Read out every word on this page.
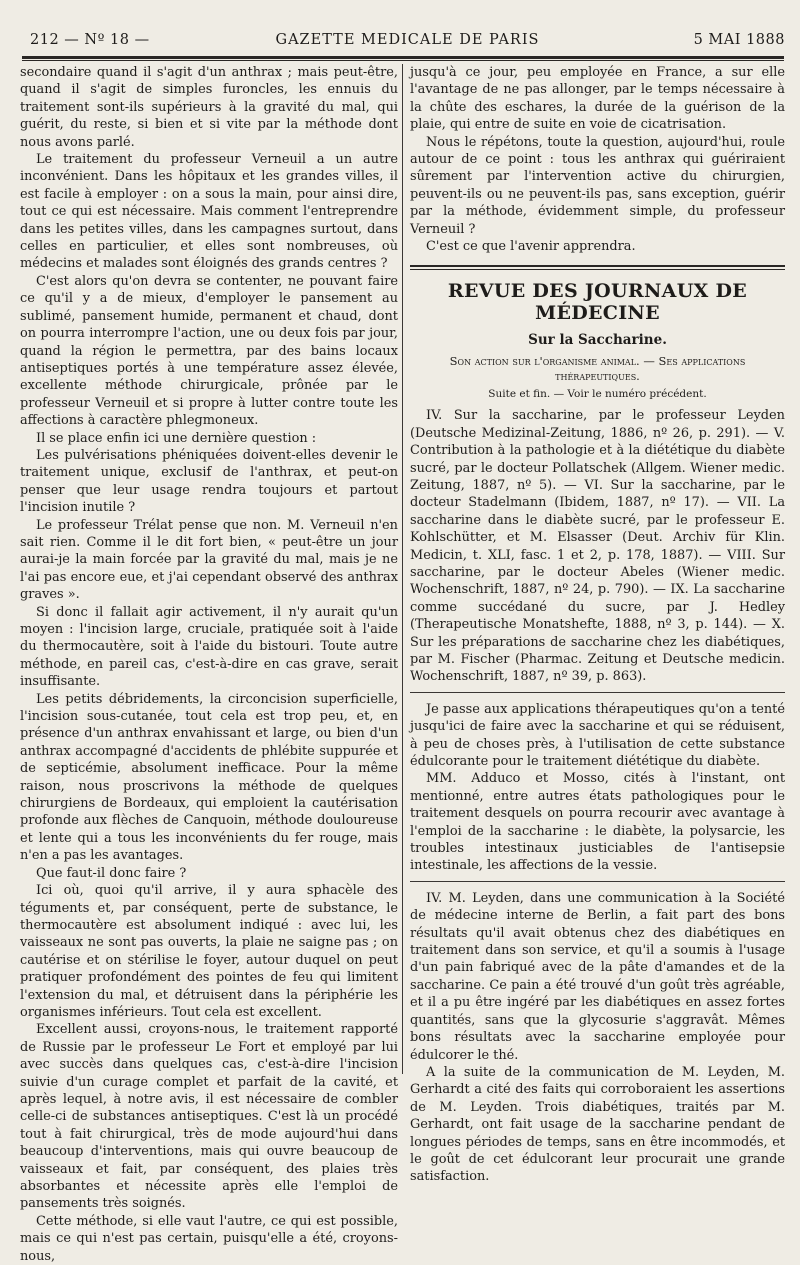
212 — Nº 18 —	GAZETTE MEDICALE DE PARIS	5 MAI 1888

secondaire quand il s'agit d'un anthrax ; mais peut-être, quand il s'agit de simples furoncles, les ennuis du traitement sont-ils supérieurs à la gravité du mal, qui guérit, du reste, si bien et si vite par la méthode dont nous avons parlé.

Le traitement du professeur Verneuil a un autre inconvénient. Dans les hôpitaux et les grandes villes, il est facile à employer : on a sous la main, pour ainsi dire, tout ce qui est nécessaire. Mais comment l'entreprendre dans les petites villes, dans les campagnes surtout, dans celles en particulier, et elles sont nombreuses, où médecins et malades sont éloignés des grands centres ?

C'est alors qu'on devra se contenter, ne pouvant faire ce qu'il y a de mieux, d'employer le pansement au sublimé, pansement humide, permanent et chaud, dont on pourra interrompre l'action, une ou deux fois par jour, quand la région le permettra, par des bains locaux antiseptiques portés à une température assez élevée, excellente méthode chirurgicale, prônée par le professeur Verneuil et si propre à lutter contre toute les affections à caractère phlegmoneux.

Il se place enfin ici une dernière question :

Les pulvérisations phéniquées doivent-elles devenir le traitement unique, exclusif de l'anthrax, et peut-on penser que leur usage rendra toujours et partout l'incision inutile ?

Le professeur Trélat pense que non. M. Verneuil n'en sait rien. Comme il le dit fort bien, « peut-être un jour aurai-je la main forcée par la gravité du mal, mais je ne l'ai pas encore eue, et j'ai cependant observé des anthrax graves ».

Si donc il fallait agir activement, il n'y aurait qu'un moyen : l'incision large, cruciale, pratiquée soit à l'aide du thermocautère, soit à l'aide du bistouri. Toute autre méthode, en pareil cas, c'est-à-dire en cas grave, serait insuffisante.

Les petits débridements, la circoncision superficielle, l'incision sous-cutanée, tout cela est trop peu, et, en présence d'un anthrax envahissant et large, ou bien d'un anthrax accompagné d'accidents de phlébite suppurée et de septicémie, absolument inefficace. Pour la même raison, nous proscrivons la méthode de quelques chirurgiens de Bordeaux, qui emploient la cautérisation profonde aux flèches de Canquoin, méthode douloureuse et lente qui a tous les inconvénients du fer rouge, mais n'en a pas les avantages.

Que faut-il donc faire ?

Ici où, quoi qu'il arrive, il y aura sphacèle des téguments et, par conséquent, perte de substance, le thermocautère est absolument indiqué : avec lui, les vaisseaux ne sont pas ouverts, la plaie ne saigne pas ; on cautérise et on stérilise le foyer, autour duquel on peut pratiquer profondément des pointes de feu qui limitent l'extension du mal, et détruisent dans la périphérie les organismes inférieurs. Tout cela est excellent.

Excellent aussi, croyons-nous, le traitement rapporté de Russie par le professeur Le Fort et employé par lui avec succès dans quelques cas, c'est-à-dire l'incision suivie d'un curage complet et parfait de la cavité, et après lequel, à notre avis, il est nécessaire de combler celle-ci de substances antiseptiques. C'est là un procédé tout à fait chirurgical, très de mode aujourd'hui dans beaucoup d'interventions, mais qui ouvre beaucoup de vaisseaux et fait, par conséquent, des plaies très absorbantes et nécessite après elle l'emploi de pansements très soignés.

Cette méthode, si elle vaut l'autre, ce qui est possible, mais ce qui n'est pas certain, puisqu'elle a été, croyons-nous,

jusqu'à ce jour, peu employée en France, a sur elle l'avantage de ne pas allonger, par le temps nécessaire à la chûte des eschares, la durée de la guérison de la plaie, qui entre de suite en voie de cicatrisation.

Nous le répétons, toute la question, aujourd'hui, roule autour de ce point : tous les anthrax qui guériraient sûrement par l'intervention active du chirurgien, peuvent-ils ou ne peuvent-ils pas, sans exception, guérir par la méthode, évidemment simple, du professeur Verneuil ?

C'est ce que l'avenir apprendra.

REVUE DES JOURNAUX DE MÉDECINE
Sur la Saccharine.
Son action sur l'organisme animal. — Ses applications thérapeutiques.
Suite et fin. — Voir le numéro précédent.

IV. Sur la saccharine, par le professeur Leyden (Deutsche Medizinal-Zeitung, 1886, nº 26, p. 291). — V. Contribution à la pathologie et à la diététique du diabète sucré, par le docteur Pollatschek (Allgem. Wiener medic. Zeitung, 1887, nº 5). — VI. Sur la saccharine, par le docteur Stadelmann (Ibidem, 1887, nº 17). — VII. La saccharine dans le diabète sucré, par le professeur E. Kohlschütter, et M. Elsasser (Deut. Archiv für Klin. Medicin, t. XLI, fasc. 1 et 2, p. 178, 1887). — VIII. Sur saccharine, par le docteur Abeles (Wiener medic. Wochenschrift, 1887, nº 24, p. 790). — IX. La saccharine comme succédané du sucre, par J. Hedley (Therapeutische Monatshefte, 1888, nº 3, p. 144). — X. Sur les préparations de saccharine chez les diabétiques, par M. Fischer (Pharmac. Zeitung et Deutsche medicin. Wochenschrift, 1887, nº 39, p. 863).

Je passe aux applications thérapeutiques qu'on a tenté jusqu'ici de faire avec la saccharine et qui se réduisent, à peu de choses près, à l'utilisation de cette substance édulcorante pour le traitement diététique du diabète.

MM. Adduco et Mosso, cités à l'instant, ont mentionné, entre autres états pathologiques pour le traitement desquels on pourra recourir avec avantage à l'emploi de la saccharine : le diabète, la polysarcie, les troubles intestinaux justiciables de l'antisepsie intestinale, les affections de la vessie.

IV. M. Leyden, dans une communication à la Société de médecine interne de Berlin, a fait part des bons résultats qu'il avait obtenus chez des diabétiques en traitement dans son service, et qu'il a soumis à l'usage d'un pain fabriqué avec de la pâte d'amandes et de la saccharine. Ce pain a été trouvé d'un goût très agréable, et il a pu être ingéré par les diabétiques en assez fortes quantités, sans que la glycosurie s'aggravât. Mêmes bons résultats avec la saccharine employée pour édulcorer le thé.

A la suite de la communication de M. Leyden, M. Gerhardt a cité des faits qui corroboraient les assertions de M. Leyden. Trois diabétiques, traités par M. Gerhardt, ont fait usage de la saccharine pendant de longues périodes de temps, sans en être incommodés, et le goût de cet édulcorant leur procurait une grande satisfaction.
